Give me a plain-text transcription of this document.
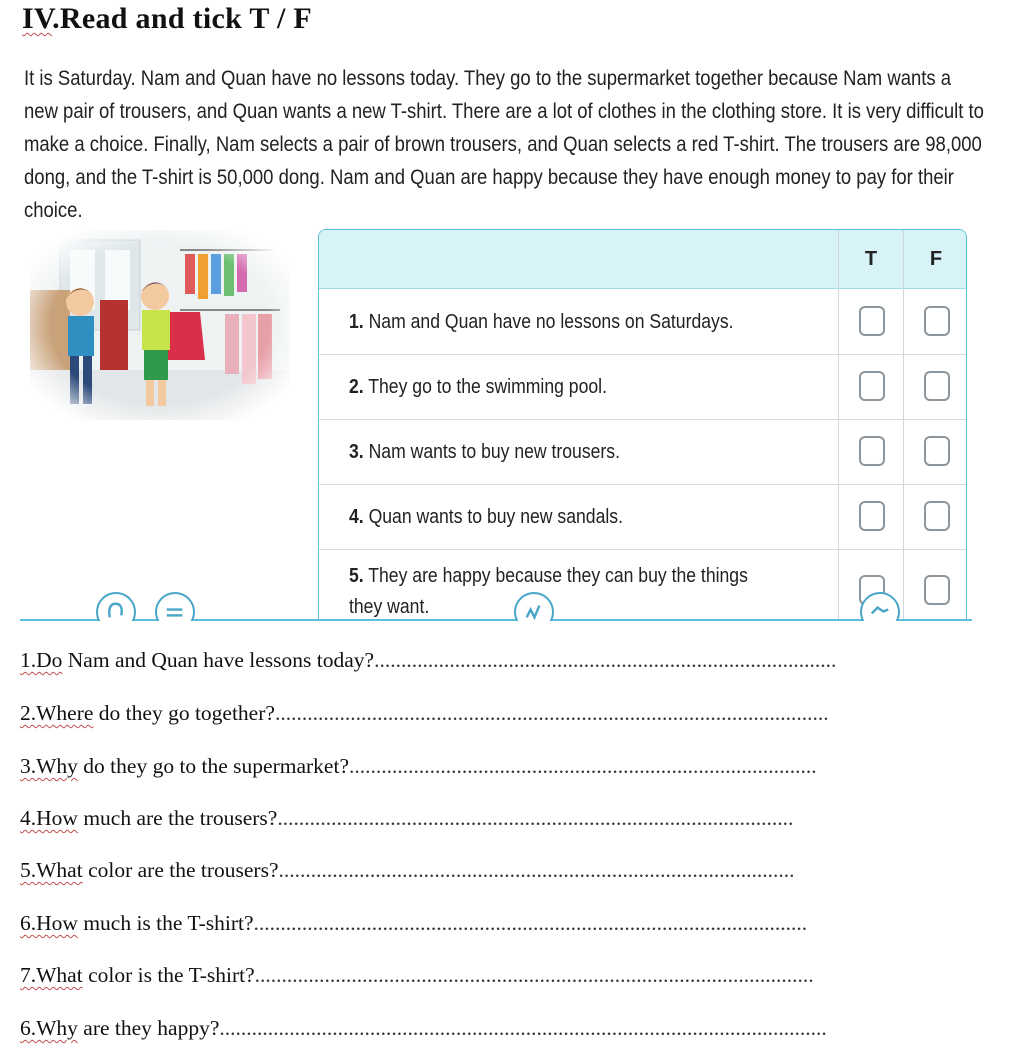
IV.Read and tick T / F
It is Saturday. Nam and Quan have no lessons today. They go to the supermarket together because Nam wants a new pair of trousers, and Quan wants a new T-shirt. There are a lot of clothes in the clothing store. It is very difficult to make a choice. Finally, Nam selects a pair of brown trousers, and Quan selects a red T-shirt. The trousers are 98,000 dong, and the T-shirt is 50,000 dong. Nam and Quan are happy because they have enough money to pay for their choice.
T	F
1. Nam and Quan have no lessons on Saturdays.
2. They go to the swimming pool.
3. Nam wants to buy new trousers.
4. Quan wants to buy new sandals.
5. They are happy because they can buy the things they want.
1.Do Nam and Quan have lessons today?......................................................................................
2.Where do they go together?.......................................................................................................
3.Why do they go to the supermarket?.......................................................................................
4.How much are the trousers?................................................................................................
5.What color are the trousers?................................................................................................
6.How much is the T-shirt?.......................................................................................................
7.What color is the T-shirt?........................................................................................................
6.Why are they happy?.................................................................................................................
